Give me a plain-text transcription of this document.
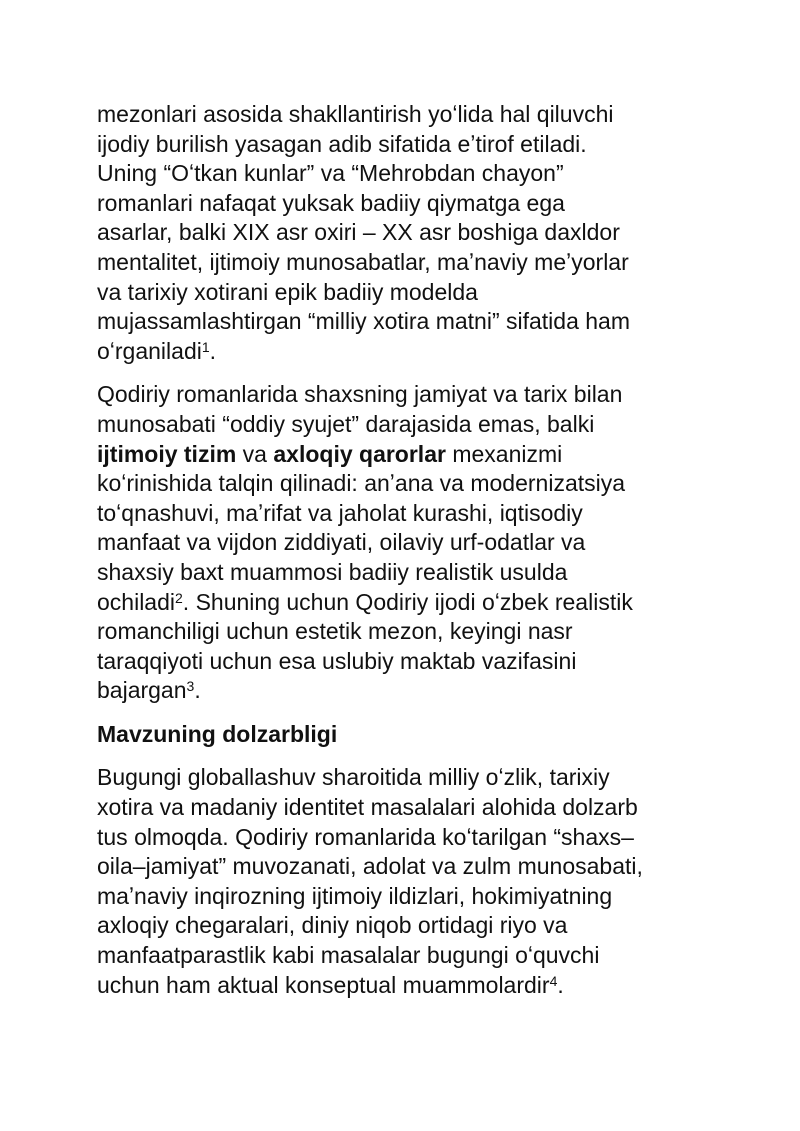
mezonlari asosida shakllantirish yoʻlida hal qiluvchi
ijodiy burilish yasagan adib sifatida eʼtirof etiladi.
Uning “Oʻtkan kunlar” va “Mehrobdan chayon”
romanlari nafaqat yuksak badiiy qiymatga ega
asarlar, balki XIX asr oxiri – XX asr boshiga daxldor
mentalitet, ijtimoiy munosabatlar, maʼnaviy meʼyorlar
va tarixiy xotirani epik badiiy modelda
mujassamlashtirgan “milliy xotira matni” sifatida ham
oʻrganiladi$^1$.
Qodiriy romanlarida shaxsning jamiyat va tarix bilan
munosabati “oddiy syujet” darajasida emas, balki
ijtimoiy tizim va axloqiy qarorlar mexanizmi
koʻrinishida talqin qilinadi: anʼana va modernizatsiya
toʻqnashuvi, maʼrifat va jaholat kurashi, iqtisodiy
manfaat va vijdon ziddiyati, oilaviy urf-odatlar va
shaxsiy baxt muammosi badiiy realistik usulda
ochiladi$^2$. Shuning uchun Qodiriy ijodi oʻzbek realistik
romanchiligi uchun estetik mezon, keyingi nasr
taraqqiyoti uchun esa uslubiy maktab vazifasini
bajargan$^3$.
Mavzuning dolzarbligi
Bugungi globallashuv sharoitida milliy oʻzlik, tarixiy
xotira va madaniy identitet masalalari alohida dolzarb
tus olmoqda. Qodiriy romanlarida koʻtarilgan “shaxs–
oila–jamiyat” muvozanati, adolat va zulm munosabati,
maʼnaviy inqirozning ijtimoiy ildizlari, hokimiyatning
axloqiy chegaralari, diniy niqob ortidagi riyo va
manfaatparastlik kabi masalalar bugungi oʻquvchi
uchun ham aktual konseptual muammolardir$^4$.
